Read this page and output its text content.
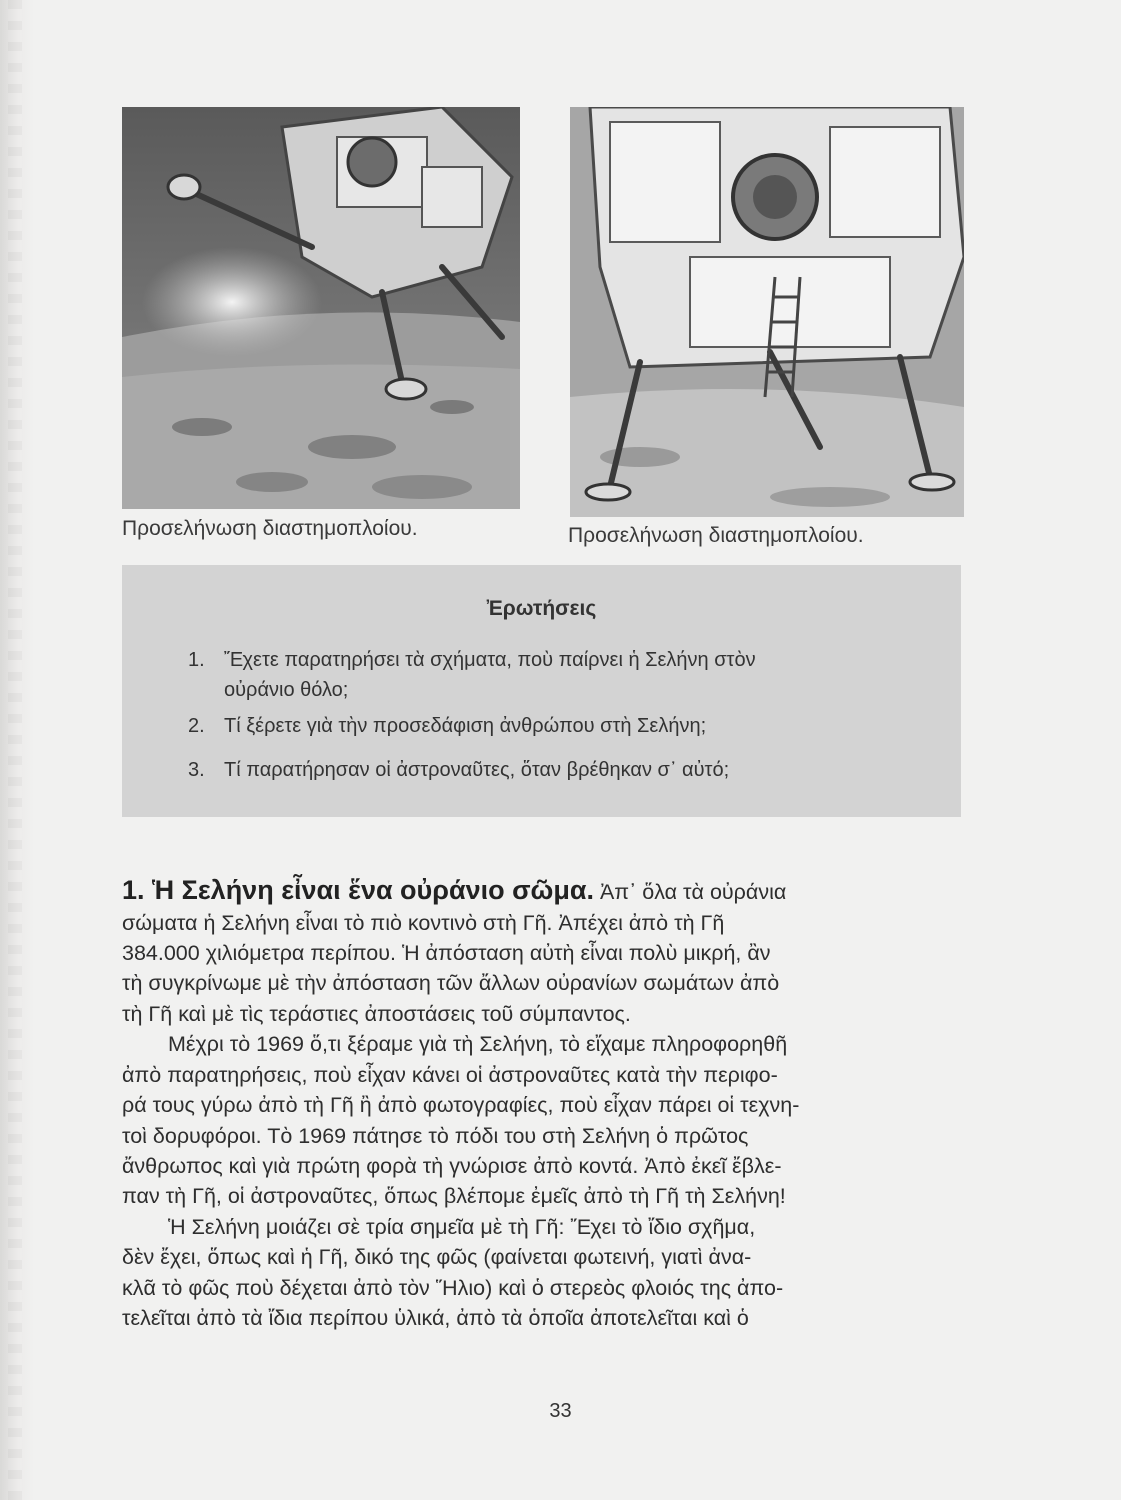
Προσελήνωση διαστημοπλοίου.	Προσελήνωση διαστημοπλοίου.
Ἐρωτήσεις
1. Ἔχετε παρατηρήσει τὰ σχήματα, ποὺ παίρνει ἡ Σελήνη στὸν
οὐράνιο θόλο;
2. Τί ξέρετε γιὰ τὴν προσεδάφιση ἀνθρώπου στὴ Σελήνη;
3. Τί παρατήρησαν οἱ ἀστροναῦτες, ὅταν βρέθηκαν σ᾽ αὐτό;
1. Ἡ Σελήνη εἶναι ἕνα οὐράνιο σῶμα. Ἀπ᾽ ὅλα τὰ οὐράνια
σώματα ἡ Σελήνη εἶναι τὸ πιὸ κοντινὸ στὴ Γῆ. Ἀπέχει ἀπὸ τὴ Γῆ
384.000 χιλιόμετρα περίπου. Ἡ ἀπόσταση αὐτὴ εἶναι πολὺ μικρή, ἂν
τὴ συγκρίνωμε μὲ τὴν ἀπόσταση τῶν ἄλλων οὐρανίων σωμάτων ἀπὸ
τὴ Γῆ καὶ μὲ τὶς τεράστιες ἀποστάσεις τοῦ σύμπαντος.
Μέχρι τὸ 1969 ὅ,τι ξέραμε γιὰ τὴ Σελήνη, τὸ εἴχαμε πληροφορηθῆ
ἀπὸ παρατηρήσεις, ποὺ εἶχαν κάνει οἱ ἀστροναῦτες κατὰ τὴν περιφο-
ρά τους γύρω ἀπὸ τὴ Γῆ ἢ ἀπὸ φωτογραφίες, ποὺ εἶχαν πάρει οἱ τεχνη-
τοὶ δορυφόροι. Τὸ 1969 πάτησε τὸ πόδι του στὴ Σελήνη ὁ πρῶτος
ἄνθρωπος καὶ γιὰ πρώτη φορὰ τὴ γνώρισε ἀπὸ κοντά. Ἀπὸ ἐκεῖ ἔβλε-
παν τὴ Γῆ, οἱ ἀστροναῦτες, ὅπως βλέπομε ἐμεῖς ἀπὸ τὴ Γῆ τὴ Σελήνη!
Ἡ Σελήνη μοιάζει σὲ τρία σημεῖα μὲ τὴ Γῆ: Ἔχει τὸ ἴδιο σχῆμα,
δὲν ἔχει, ὅπως καὶ ἡ Γῆ, δικό της φῶς (φαίνεται φωτεινή, γιατὶ ἀνα-
κλᾶ τὸ φῶς ποὺ δέχεται ἀπὸ τὸν Ἥλιο) καὶ ὁ στερεὸς φλοιός της ἀπο-
τελεῖται ἀπὸ τὰ ἴδια περίπου ὑλικά, ἀπὸ τὰ ὁποῖα ἀποτελεῖται καὶ ὁ
33
